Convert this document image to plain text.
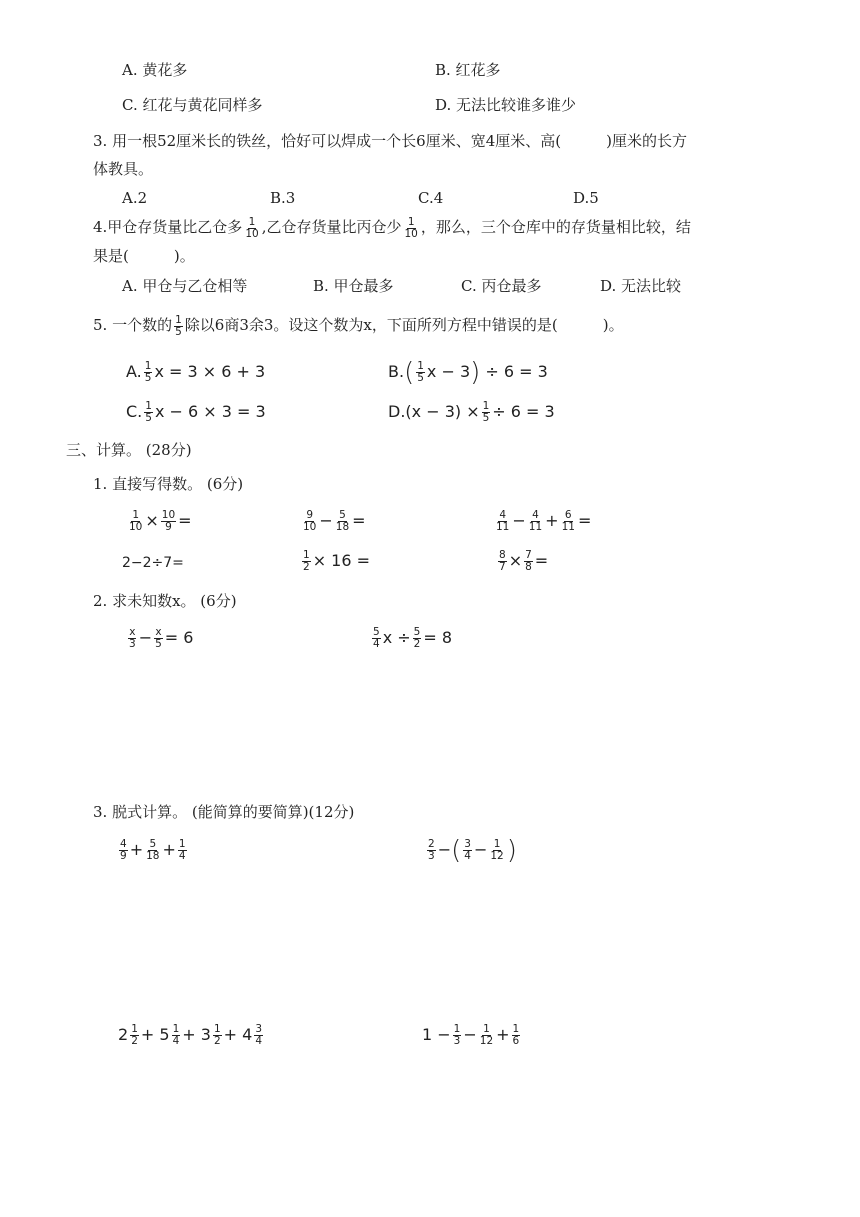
A. 黄花多	B. 红花多
C. 红花与黄花同样多	D. 无法比较谁多谁少
3. 用一根52厘米长的铁丝，恰好可以焊成一个长6厘米、宽4厘米、高(　　　)厘米的长方
体教具。
A.2	B.3	C.4	D.5
4.甲仓存货量比乙仓多 $\frac{1}{10}$ ,乙仓存货量比丙仓少 $\frac{1}{10}$ ，那么，三个仓库中的存货量相比较，结
果是(　　　)。
A. 甲仓与乙仓相等	B. 甲仓最多	C. 丙仓最多	D. 无法比较
5. 一个数的 $\frac{1}{5}$ 除以6商3余3。设这个数为x，下面所列方程中错误的是(　　　)。
A. $\frac{1}{5}$ x = 3 × 6 + 3	$B.( \frac{1}{5}$ x − 3) ÷ 6 = 3
C. $\frac{1}{5}$ x − 6 × 3 = 3	$D.(x - 3) \times \frac{1}{5} \div 6 = 3$
三、计算。 (28分)
1. 直接写得数。 (6分)
$\frac{1}{10} \times \frac{10}{9}$ =	$\frac{9}{10} - \frac{5}{18}$ =	$\frac{4}{11} - \frac{4}{11} + \frac{6}{11}$ =
2−2÷7=	$\frac{1}{2} \times 16$ =	$\frac{8}{7} \times \frac{7}{8}$ =
2. 求未知数x。 (6分)
$\frac{x}{3} - \frac{x}{5} = 6$	$\frac{5}{4}$ $x \div \frac{5}{2} = 8$
3. 脱式计算。 (能简算的要简算)(12分)
$\frac{4}{9} + \frac{5}{18} + \frac{1}{4}$	$\frac{2}{3}$ −( $\frac{3}{4} - \frac{1}{12}$ )
$2 \frac{1}{2} + 5 \frac{1}{4} + 3 \frac{1}{2} + 4 \frac{3}{4}$	$1 - \frac{1}{3} - \frac{1}{12} + \frac{1}{6}$
